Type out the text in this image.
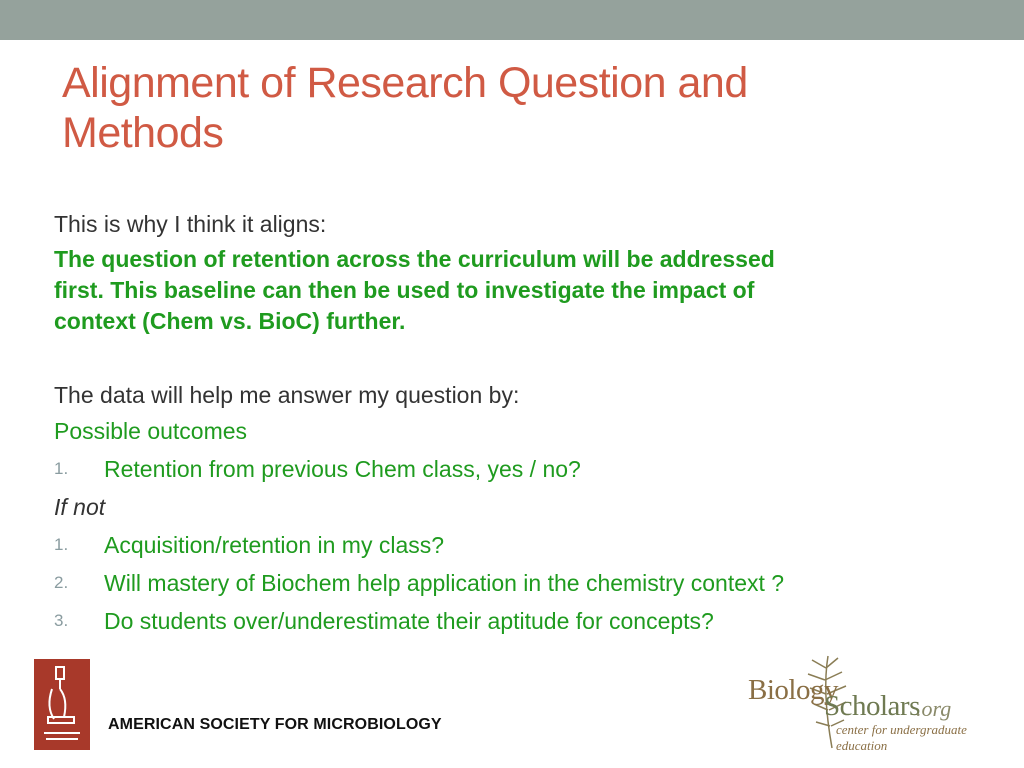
Alignment of Research Question and
Methods

This is why I think it aligns:

The question of retention across the curriculum will be addressed
first. This baseline can then be used to investigate the impact of
context (Chem vs. BioC) further.

The data will help me answer my question by:

Possible outcomes

1.	Retention from previous Chem class, yes / no?

If not

1.	Acquisition/retention in my class?
2.	Will mastery of Biochem help application in the chemistry context ?
3.	Do students over/underestimate their aptitude for concepts?
AMERICAN SOCIETY FOR MICROBIOLOGY
Biology
Scholars
.org
center for undergraduate education
